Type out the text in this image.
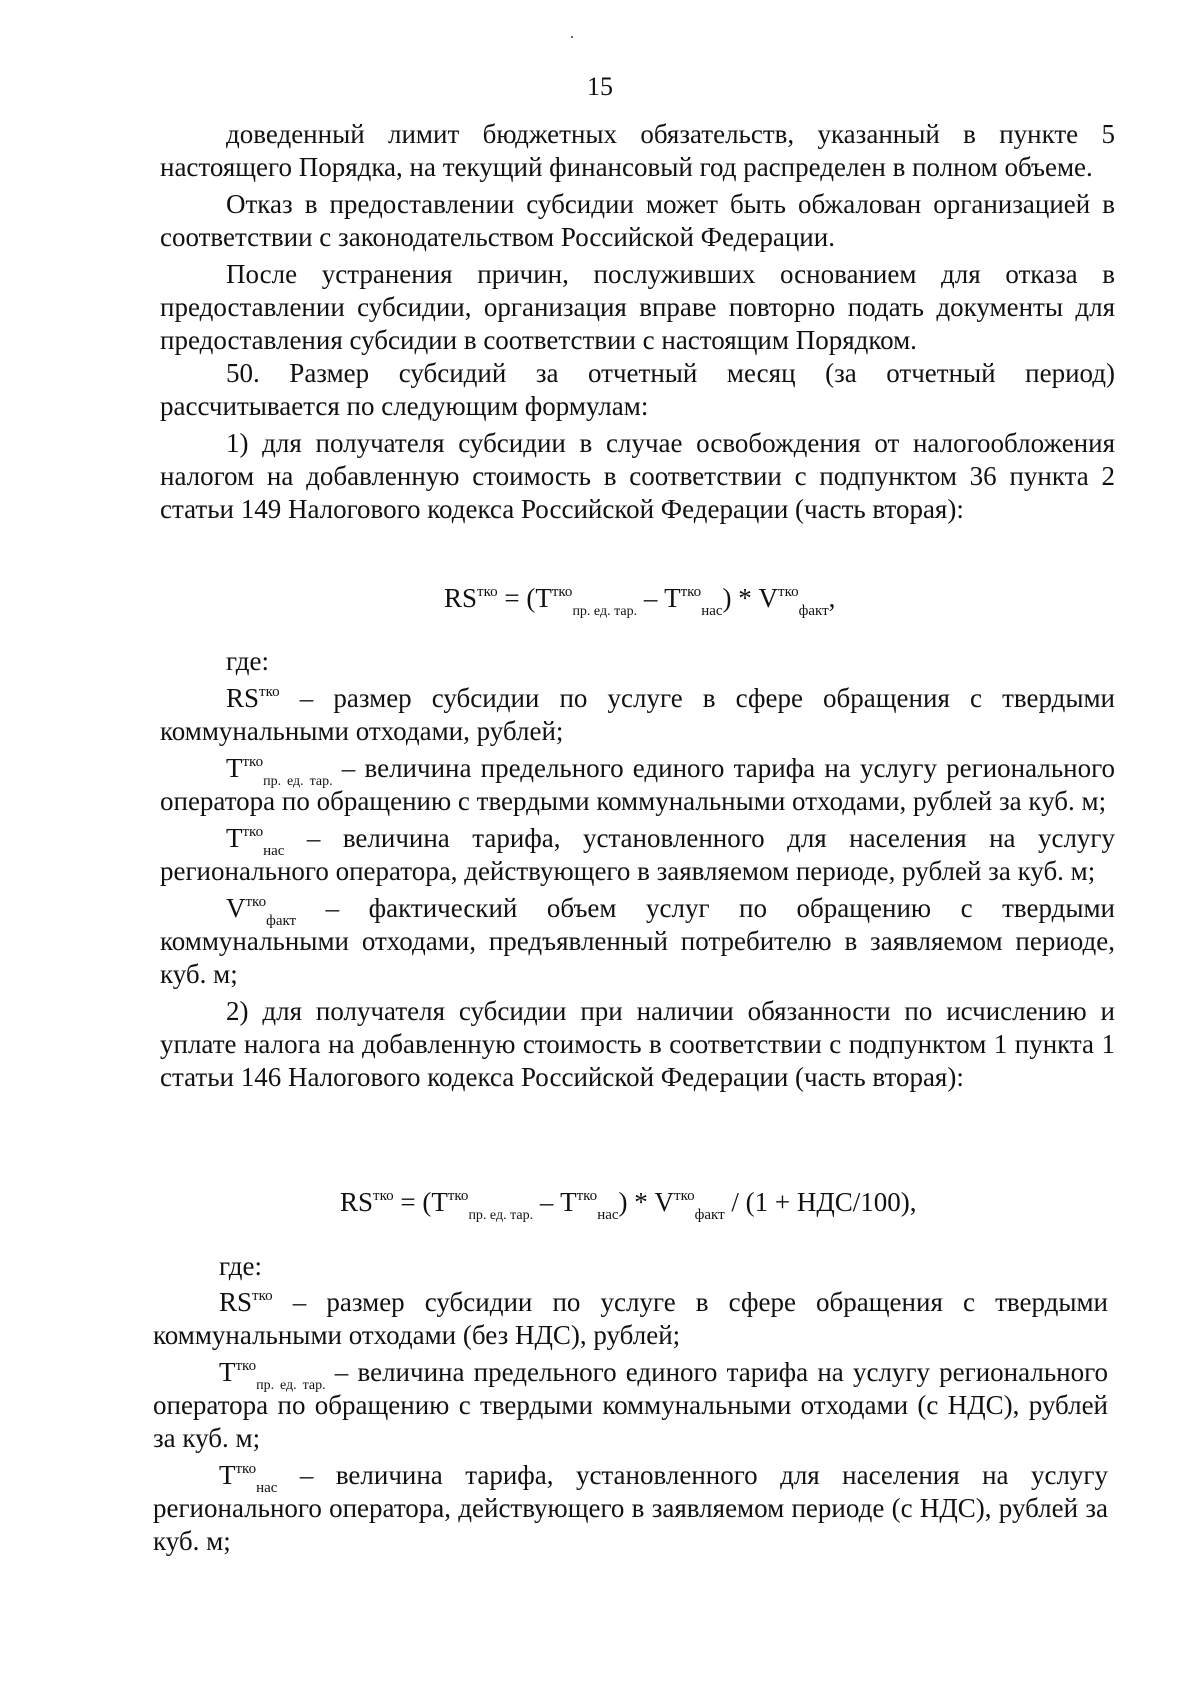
15
доведенный лимит бюджетных обязательств, указанный в пункте 5 настоящего Порядка, на текущий финансовый год распределен в полном объеме.
Отказ в предоставлении субсидии может быть обжалован организацией в соответствии с законодательством Российской Федерации.
После устранения причин, послуживших основанием для отказа в предоставлении субсидии, организация вправе повторно подать документы для предоставления субсидии в соответствии с настоящим Порядком.
50. Размер субсидий за отчетный месяц (за отчетный период) рассчитывается по следующим формулам:
1) для получателя субсидии в случае освобождения от налогообложения налогом на добавленную стоимость в соответствии с подпунктом 36 пункта 2 статьи 149 Налогового кодекса Российской Федерации (часть вторая):
$RS^{тко} = (T^{тко}_{пр. ед. тар.} - T^{тко}_{нас}) * V^{тко}_{факт}$,
где:
$RS^{тко}$ – размер субсидии по услуге в сфере обращения с твердыми коммунальными отходами, рублей;
$T^{тко}_{пр. ед. тар.}$ – величина предельного единого тарифа на услугу регионального оператора по обращению с твердыми коммунальными отходами, рублей за куб. м;
$T^{тко}_{нас}$ – величина тарифа, установленного для населения на услугу регионального оператора, действующего в заявляемом периоде, рублей за куб. м;
$V^{тко}_{факт}$ – фактический объем услуг по обращению с твердыми коммунальными отходами, предъявленный потребителю в заявляемом периоде, куб. м;
2) для получателя субсидии при наличии обязанности по исчислению и уплате налога на добавленную стоимость в соответствии с подпунктом 1 пункта 1 статьи 146 Налогового кодекса Российской Федерации (часть вторая):
$RS^{тко} = (T^{тко}_{пр. ед. тар.} - T^{тко}_{нас}) * V^{тко}_{факт} / (1 + НДС/100)$,
где:
$RS^{тко}$ – размер субсидии по услуге в сфере обращения с твердыми коммунальными отходами (без НДС), рублей;
$T^{тко}_{пр. ед. тар.}$ – величина предельного единого тарифа на услугу регионального оператора по обращению с твердыми коммунальными отходами (с НДС), рублей за куб. м;
$T^{тко}_{нас}$ – величина тарифа, установленного для населения на услугу регионального оператора, действующего в заявляемом периоде (с НДС), рублей за куб. м;
